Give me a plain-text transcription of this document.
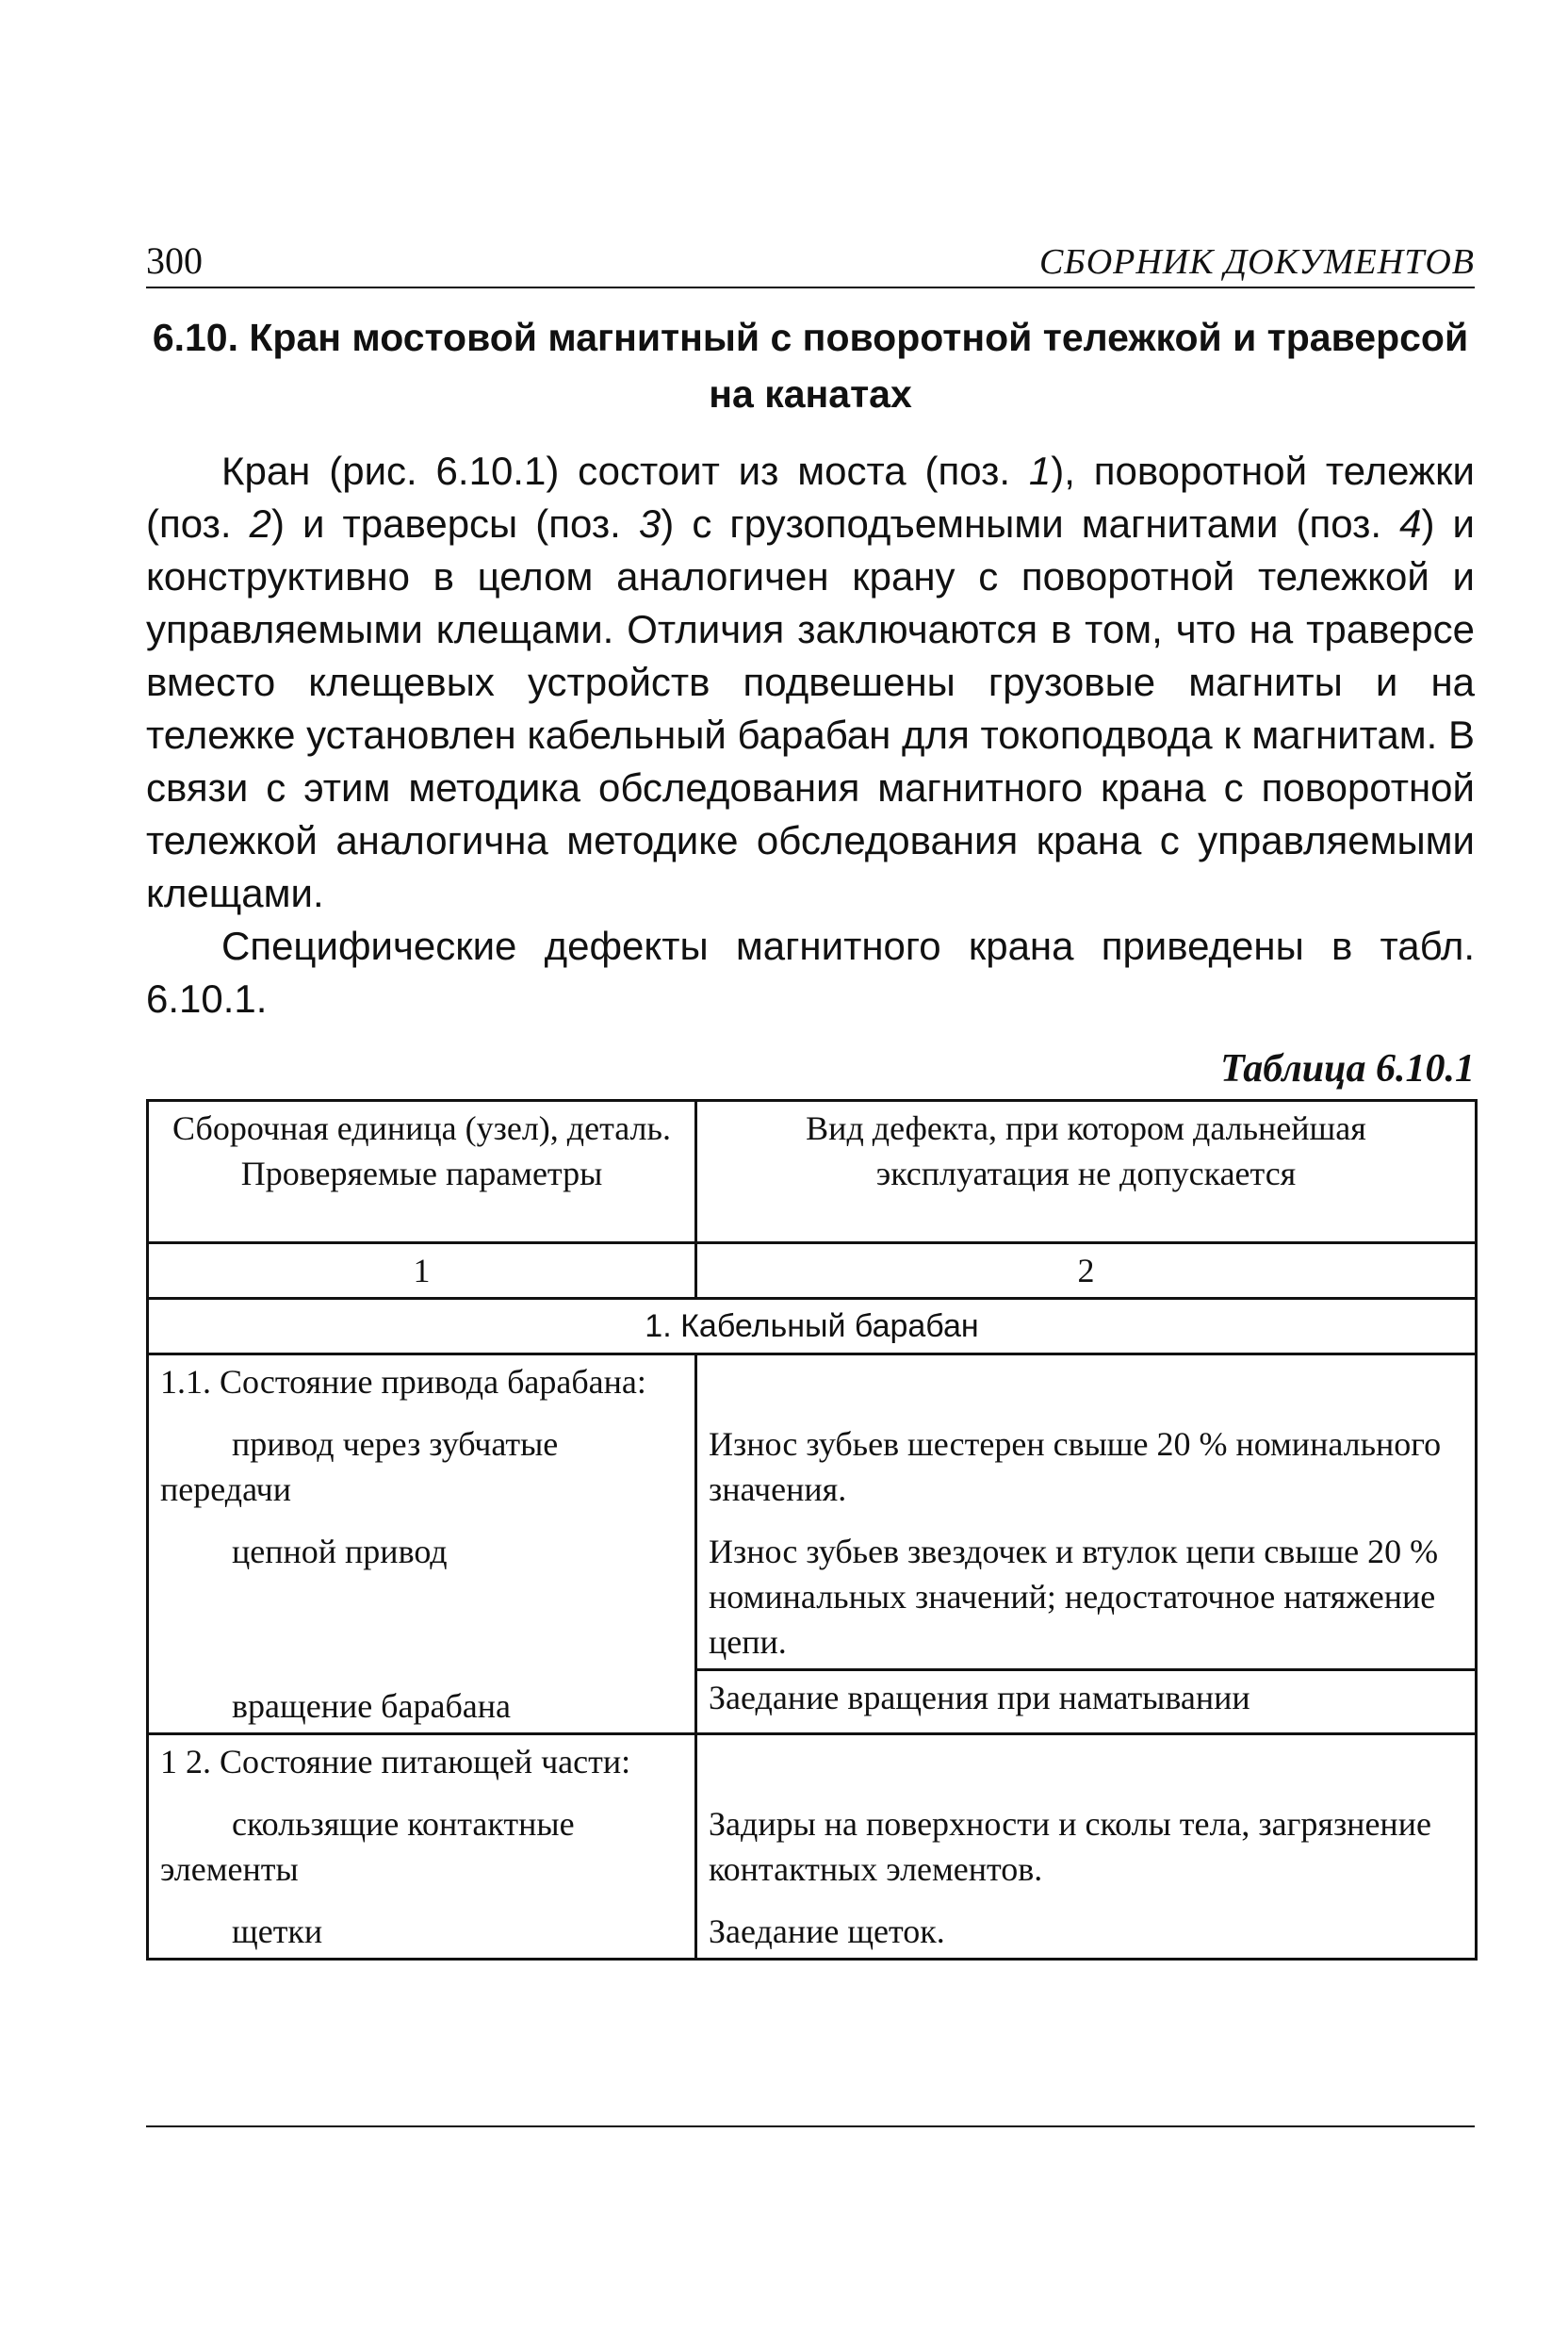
300	СБОРНИК ДОКУМЕНТОВ
6.10. Кран мостовой магнитный с поворотной тележкой и траверсой
на канатах

Кран (рис. 6.10.1) состоит из моста (поз. 1), поворотной тележки (поз. 2) и траверсы (поз. 3) с грузоподъемными магнитами (поз. 4) и конструктивно в целом аналогичен крану с поворотной тележкой и управляемыми клещами. Отличия заключаются в том, что на траверсе вместо клещевых устройств подвешены грузовые магниты и на тележке установлен кабельный барабан для токоподвода к магнитам. В связи с этим методика обследования магнитного крана с поворотной тележкой аналогична методике обследования крана с управляемыми клещами.

Специфические дефекты магнитного крана приведены в табл. 6.10.1.

Таблица 6.10.1
Сборочная единица (узел), деталь. Проверяемые параметры	Вид дефекта, при котором дальнейшая эксплуатация не допускается
1	2
1. Кабельный барабан	

1.1. Состояние привода барабана:	

привод через зубчатые передачи	Износ зубьев шестерен свыше 20 % номинального значения.

цепной привод	Износ зубьев звездочек и втулок цепи свыше 20 % номинальных значений; недостаточное натяжение цепи.

вращение барабана	Заедание вращения при наматывании

1 2. Состояние питающей части:	

скользящие контактные элементы	Задиры на поверхности и сколы тела, загрязнение контактных элементов.

щетки	Заедание щеток.
